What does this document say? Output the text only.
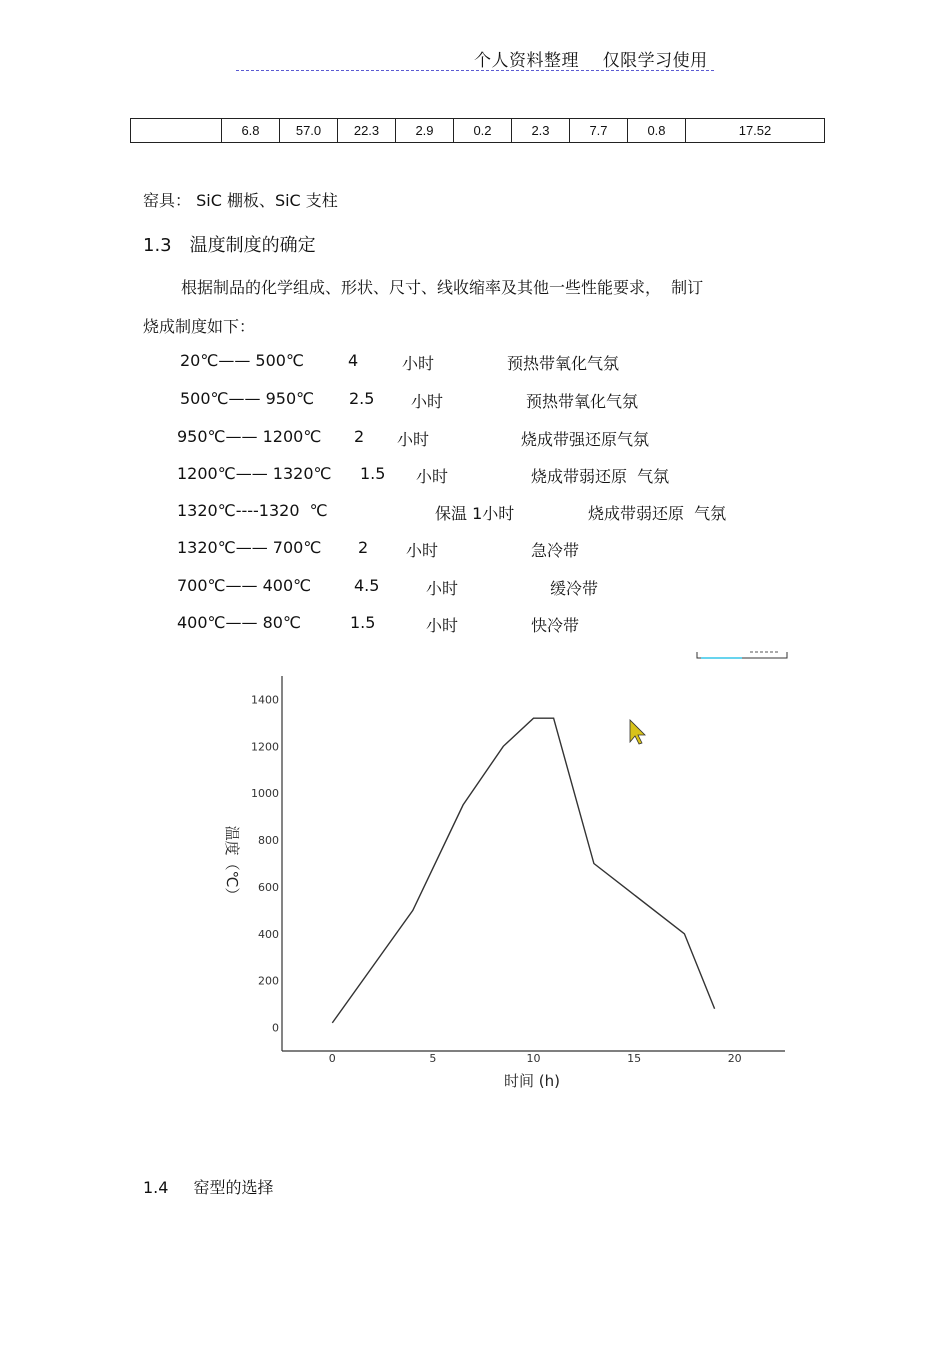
个人资料整理    仅限学习使用
	6.8	57.0	22.3	2.9	0.2	2.3	7.7	0.8	17.52
窑具： SiC 棚板、SiC 支柱
1.3 温度制度的确定
根据制品的化学组成、形状、尺寸、线收缩率及其他一些性能要求，  制订
烧成制度如下：
20℃—— 500℃	4	小时	预热带氧化气氛
500℃—— 950℃ 2.5 小时	预热带氧化气氛
950℃—— 1200℃ 2 小时	烧成带强还原气氛
1200℃—— 1320℃ 1.5 小时	烧成带弱还原  气氛
1320℃----1320  ℃	保温 1小时	烧成带弱还原  气氛
1320℃—— 700℃ 2 小时	急冷带
700℃—— 400℃	4.5	小时	缓冷带
400℃—— 80℃	1.5	小时	快冷带
0
200
400
600
800
1000
1200
1400
0	5	10	15	20
时间 (h)
温度（℃）
1.4 窑型的选择
